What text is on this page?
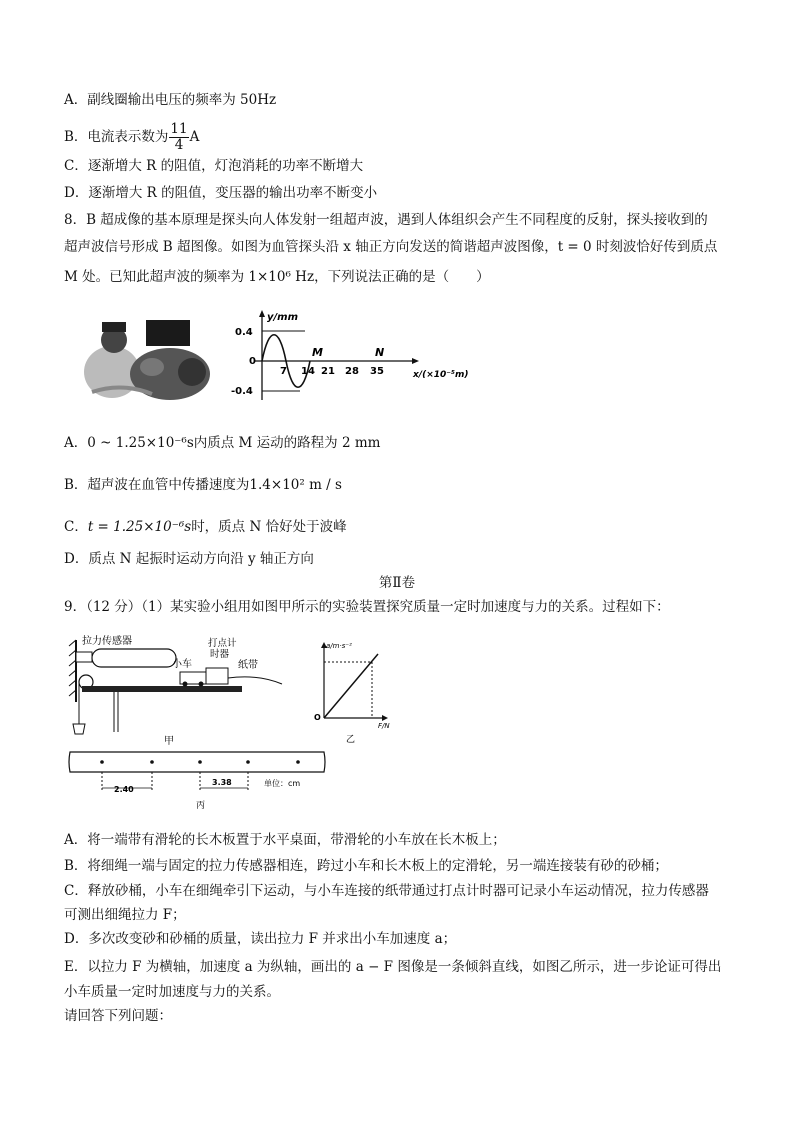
A．副线圈输出电压的频率为 50Hz
B．电流表示数为 $\frac{11}{4}$ A
C．逐渐增大 R 的阻值，灯泡消耗的功率不断增大
D．逐渐增大 R 的阻值，变压器的输出功率不断变小
8．B 超成像的基本原理是探头向人体发射一组超声波，遇到人体组织会产生不同程度的反射，探头接收到的
超声波信号形成 B 超图像。如图为血管探头沿 x 轴正方向发送的简谐超声波图像，t = 0 时刻波恰好传到质点
M 处。已知此超声波的频率为 1×10⁶ Hz，下列说法正确的是（　　）
y/mm
0.4
0
-0.4
7 14 21 28 35
M	N
x/(×10⁻⁵m)
A．0 ~ 1.25×10⁻⁶s内质点 M 运动的路程为 2 mm
B．超声波在血管中传播速度为1.4×10² m / s
C．t = 1.25×10⁻⁶s时，质点 N 恰好处于波峰
D．质点 N 起振时运动方向沿 y 轴正方向
第Ⅱ卷
9．（12 分）（1）某实验小组用如图甲所示的实验装置探究质量一定时加速度与力的关系。过程如下：
拉力传感器
小车
打点计
时器
纸带
甲
a/m·s⁻²
O
F/N
乙
2.40
3.38	单位：cm
丙
A．将一端带有滑轮的长木板置于水平桌面，带滑轮的小车放在长木板上；
B．将细绳一端与固定的拉力传感器相连，跨过小车和长木板上的定滑轮，另一端连接装有砂的砂桶；
C．释放砂桶，小车在细绳牵引下运动，与小车连接的纸带通过打点计时器可记录小车运动情况，拉力传感器
可测出细绳拉力 F；
D．多次改变砂和砂桶的质量，读出拉力 F 并求出小车加速度 a；
E．以拉力 F 为横轴，加速度 a 为纵轴，画出的 a − F 图像是一条倾斜直线，如图乙所示，进一步论证可得出
小车质量一定时加速度与力的关系。
请回答下列问题：
